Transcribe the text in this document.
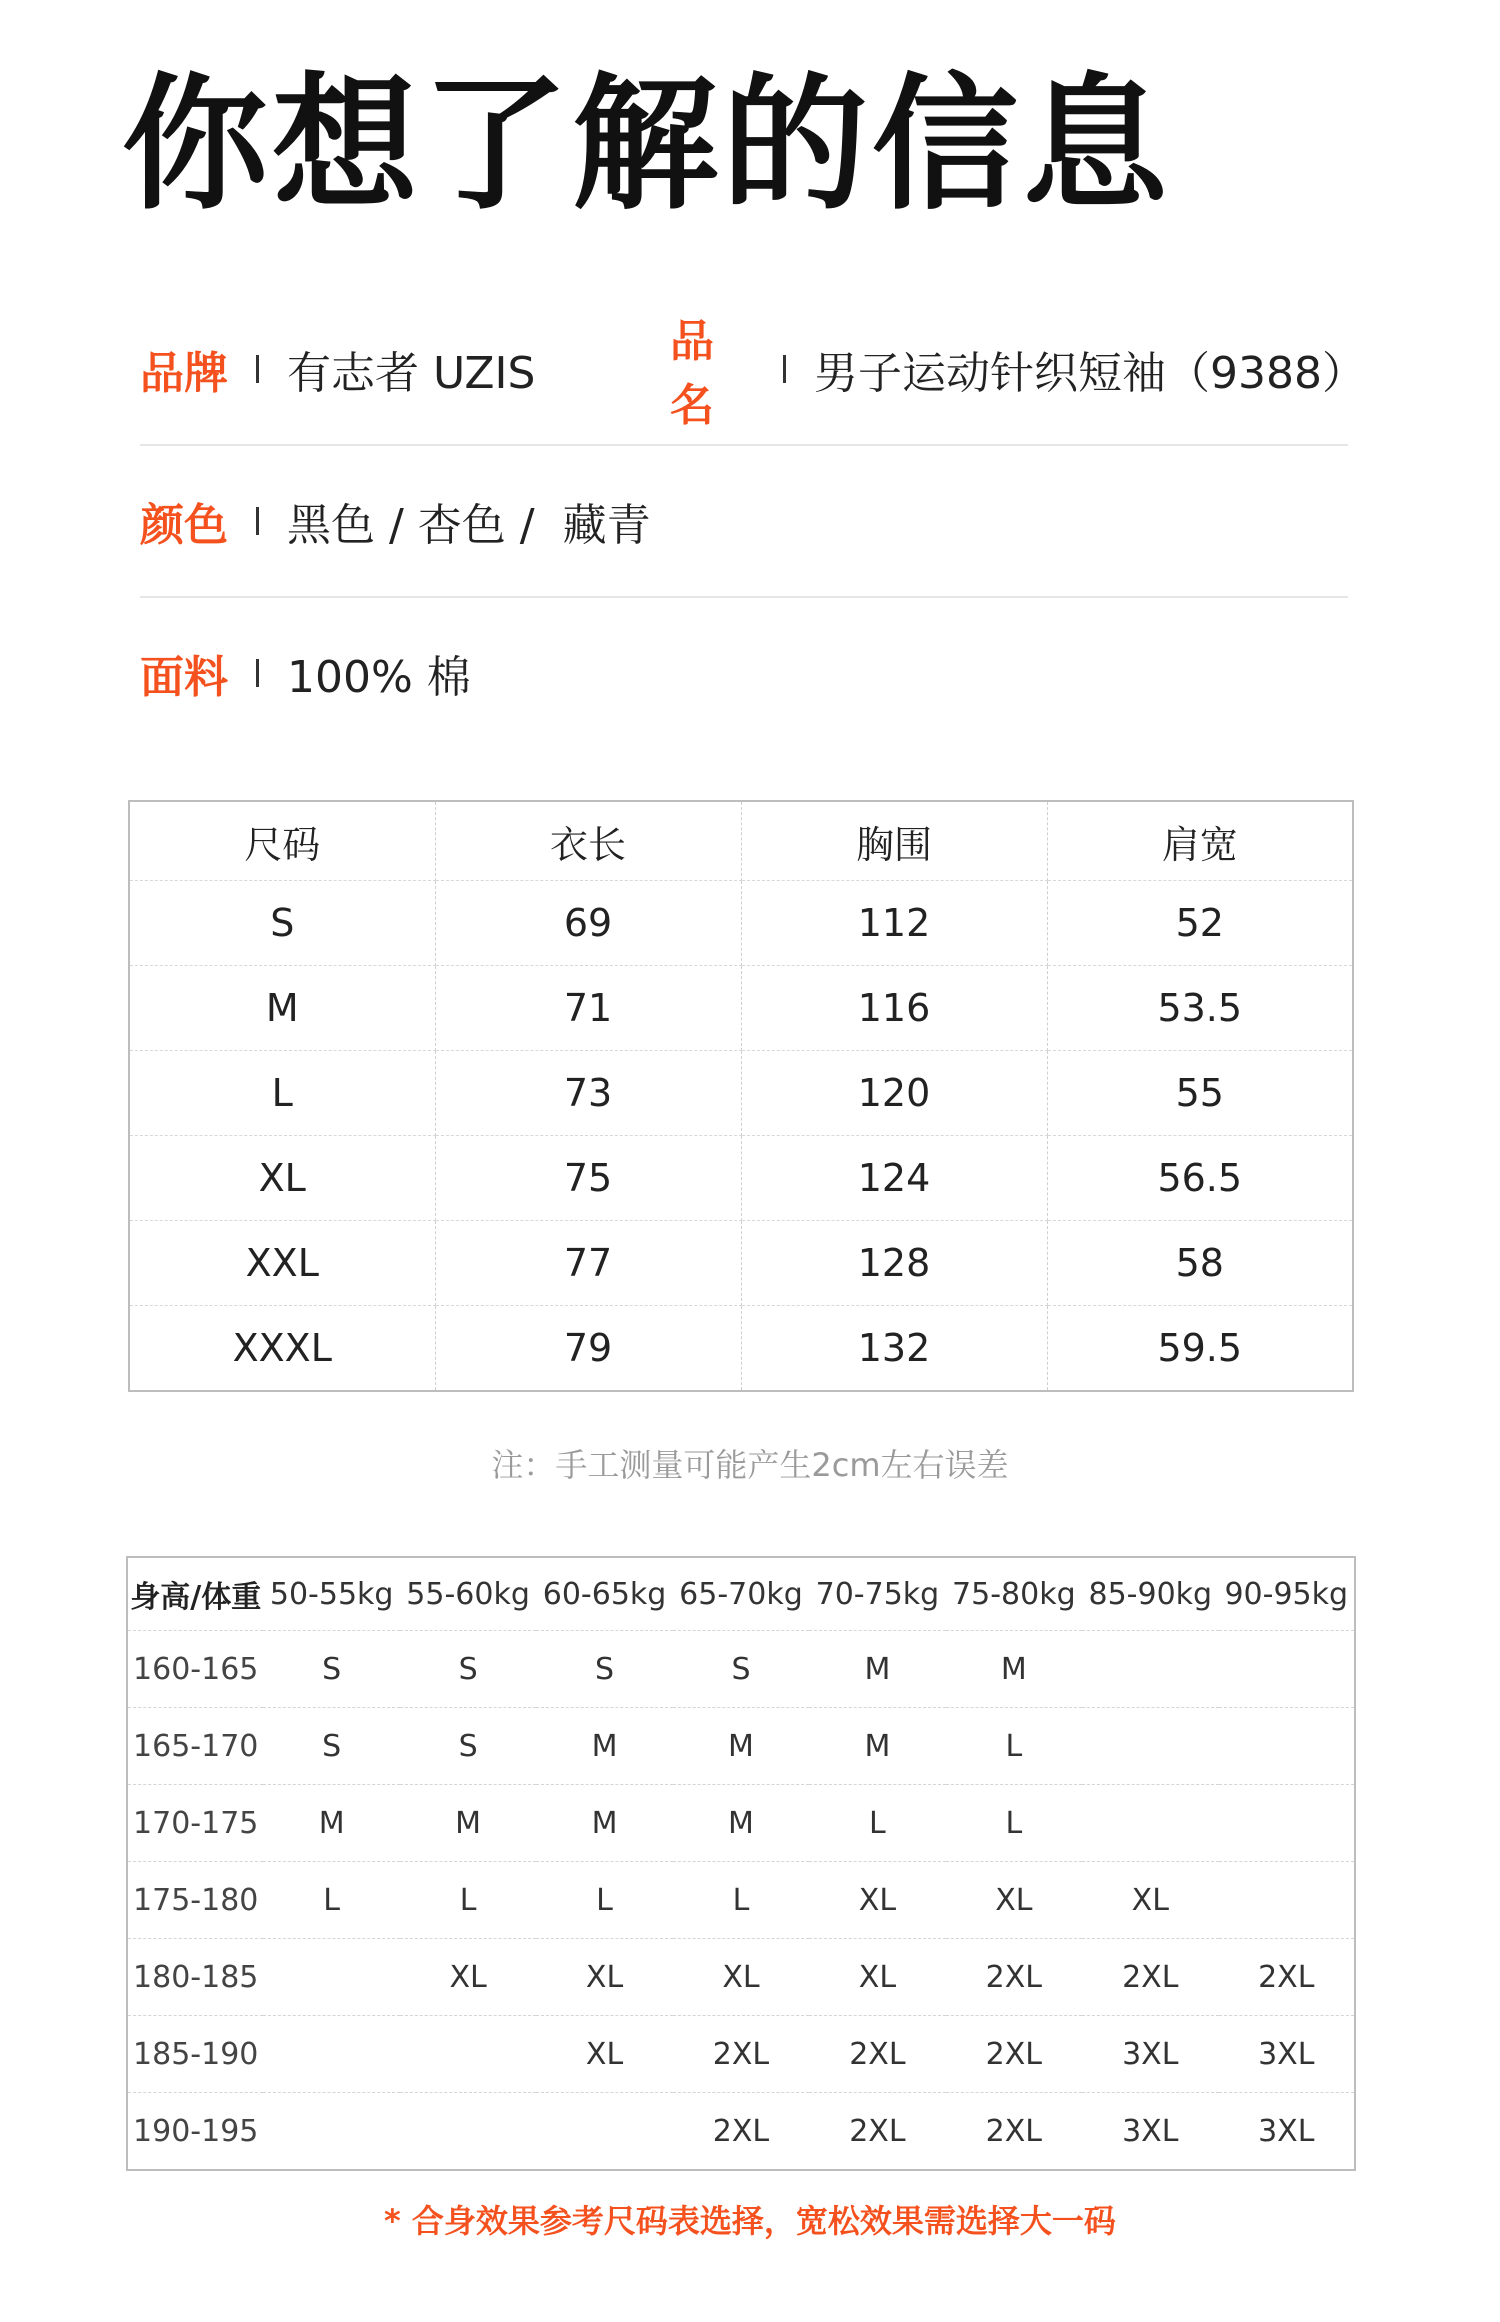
你想了解的信息
品牌 有志者 UZIS
品名
男子运动针织短袖（9388）
颜色 黑色 / 杏色 /  藏青
面料 100% 棉
尺码	衣长	胸围	肩宽
S	69	112	52
M	71	116	53.5
L	73	120	55
XL	75	124	56.5
XXL	77	128	58
XXXL	79	132	59.5
注：手工测量可能产生2cm左右误差
身高/体重	50-55kg	55-60kg	60-65kg	65-70kg	70-75kg	75-80kg	85-90kg	90-95kg
160-165	S	S	S	S	M	M		
165-170	S	S	M	M	M	L		
170-175	M	M	M	M	L	L		
175-180	L	L	L	L	XL	XL	XL	
180-185		XL	XL	XL	XL	2XL	2XL	2XL
185-190			XL	2XL	2XL	2XL	3XL	3XL
190-195				2XL	2XL	2XL	3XL	3XL
* 合身效果参考尺码表选择，宽松效果需选择大一码
